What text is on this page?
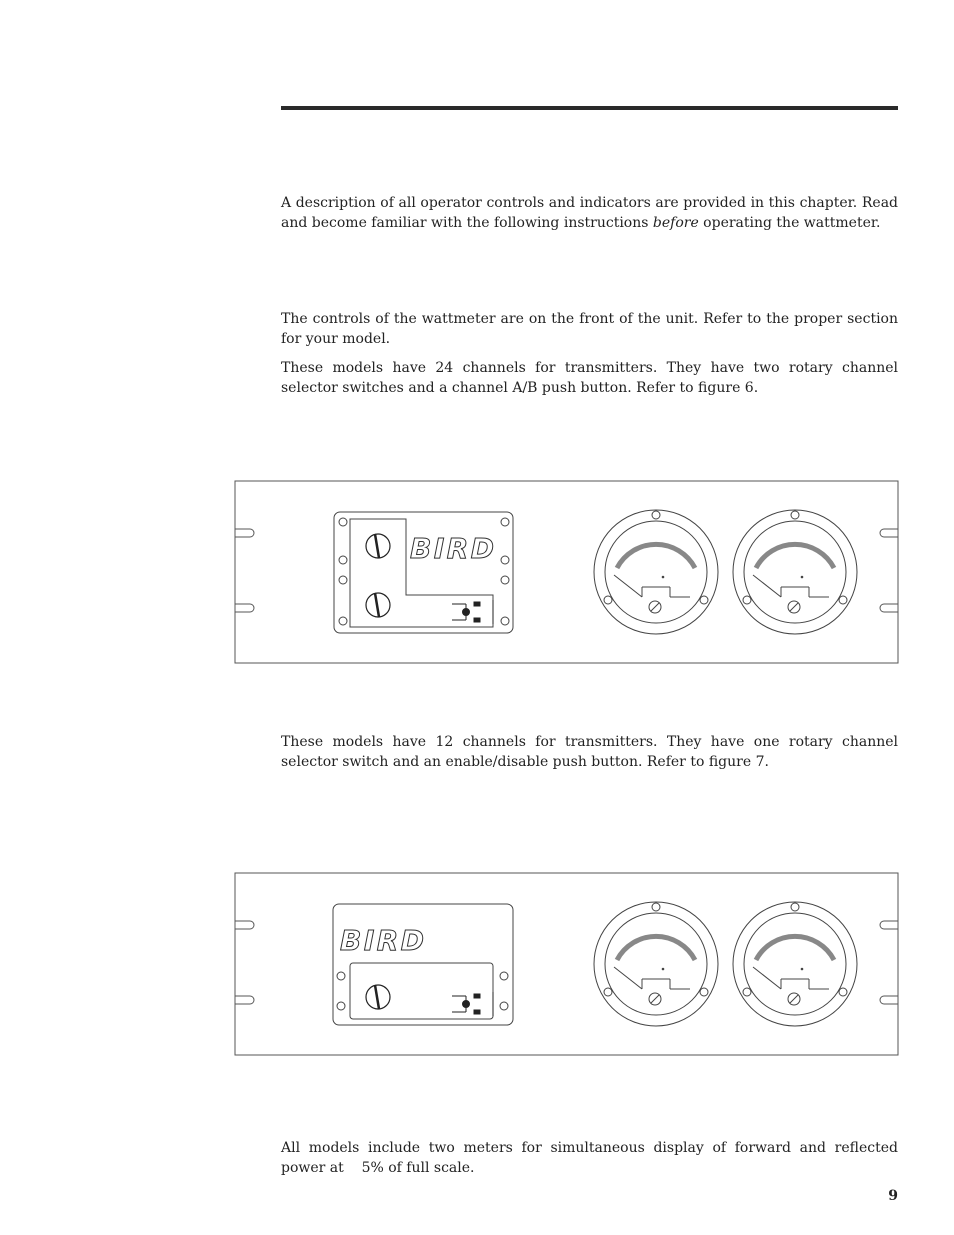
A description of all operator controls and indicators are provided in this chapter. Read and become familiar with the following instructions before operating the wattmeter.

The controls of the wattmeter are on the front of the unit. Refer to the proper section for your model.

These models have 24 channels for transmitters. They have two rotary channel selector switches and a channel A/B push button. Refer to figure 6.

BIRD

These models have 12 channels for transmitters. They have one rotary channel selector switch and an enable/disable push button. Refer to figure 7.

BIRD

All models include two meters for simultaneous display of forward and reflected power at    5% of full scale.

9
